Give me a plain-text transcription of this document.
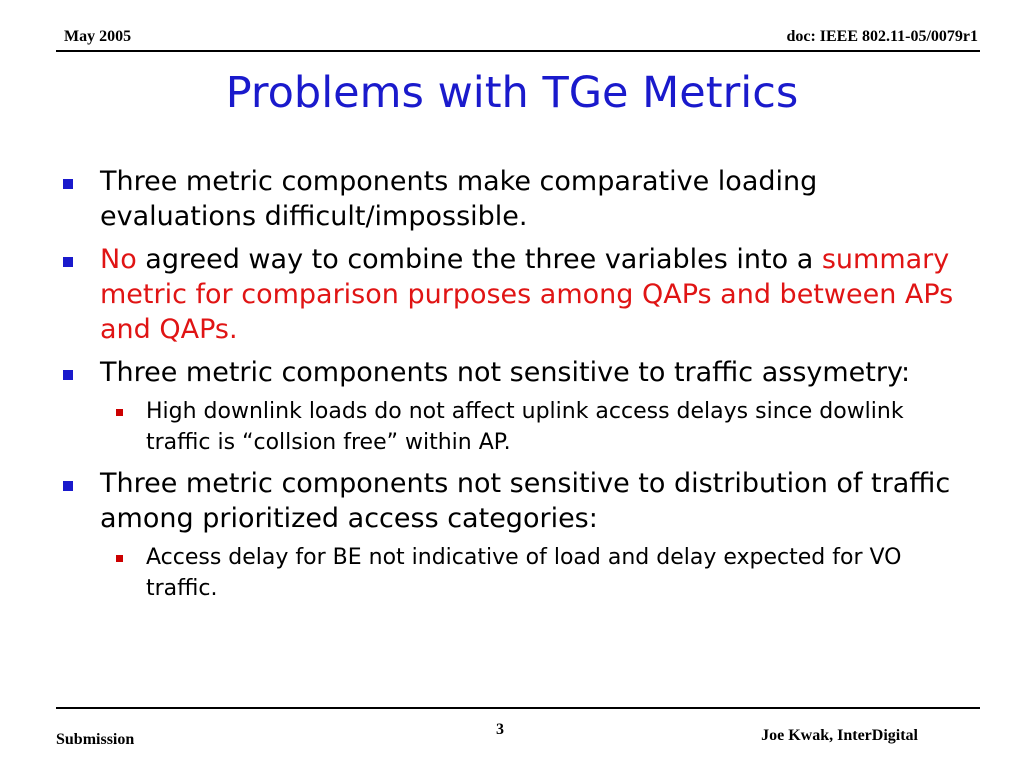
May 2005	doc: IEEE 802.11-05/0079r1
Problems with TGe Metrics
Three metric components make comparative loading evaluations difficult/impossible.
No agreed way to combine the three variables into a summary metric for comparison purposes among QAPs and between APs and QAPs.
Three metric components not sensitive to traffic assymetry:
High downlink loads do not affect uplink access delays since dowlink traffic is “collsion free” within AP.
Three metric components not sensitive to distribution of traffic among prioritized access categories:
Access delay for BE not indicative of load and delay expected for VO traffic.
Submission
3	Joe Kwak, InterDigital
